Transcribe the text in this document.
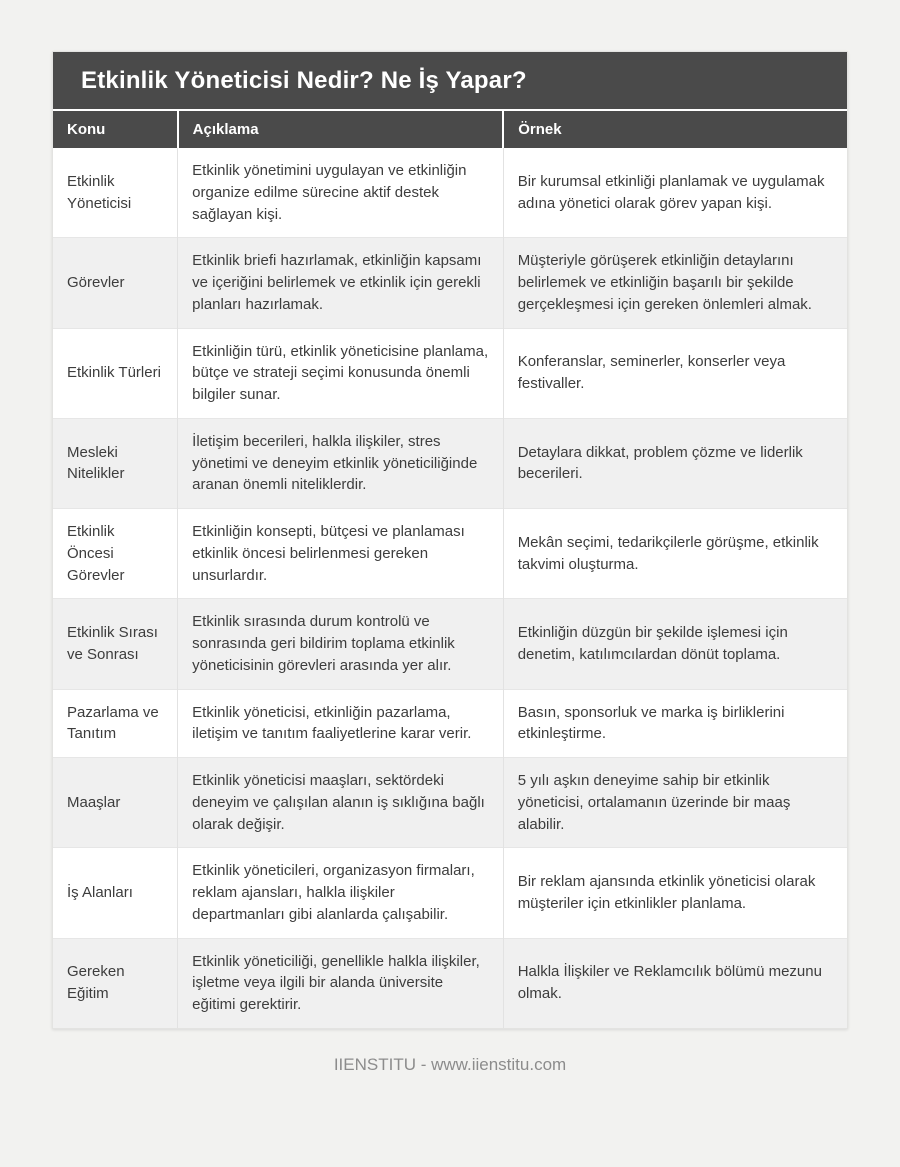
Etkinlik Yöneticisi Nedir? Ne İş Yapar?
Konu	Açıklama	Örnek
Etkinlik Yöneticisi	Etkinlik yönetimini uygulayan ve etkinliğin organize edilme sürecine aktif destek sağlayan kişi.	Bir kurumsal etkinliği planlamak ve uygulamak adına yönetici olarak görev yapan kişi.
Görevler	Etkinlik briefi hazırlamak, etkinliğin kapsamı ve içeriğini belirlemek ve etkinlik için gerekli planları hazırlamak.	Müşteriyle görüşerek etkinliğin detaylarını belirlemek ve etkinliğin başarılı bir şekilde gerçekleşmesi için gereken önlemleri almak.
Etkinlik Türleri	Etkinliğin türü, etkinlik yöneticisine planlama, bütçe ve strateji seçimi konusunda önemli bilgiler sunar.	Konferanslar, seminerler, konserler veya festivaller.
Mesleki Nitelikler	İletişim becerileri, halkla ilişkiler, stres yönetimi ve deneyim etkinlik yöneticiliğinde aranan önemli niteliklerdir.	Detaylara dikkat, problem çözme ve liderlik becerileri.
Etkinlik Öncesi Görevler	Etkinliğin konsepti, bütçesi ve planlaması etkinlik öncesi belirlenmesi gereken unsurlardır.	Mekân seçimi, tedarikçilerle görüşme, etkinlik takvimi oluşturma.
Etkinlik Sırası ve Sonrası	Etkinlik sırasında durum kontrolü ve sonrasında geri bildirim toplama etkinlik yöneticisinin görevleri arasında yer alır.	Etkinliğin düzgün bir şekilde işlemesi için denetim, katılımcılardan dönüt toplama.
Pazarlama ve Tanıtım	Etkinlik yöneticisi, etkinliğin pazarlama, iletişim ve tanıtım faaliyetlerine karar verir.	Basın, sponsorluk ve marka iş birliklerini etkinleştirme.
Maaşlar	Etkinlik yöneticisi maaşları, sektördeki deneyim ve çalışılan alanın iş sıklığına bağlı olarak değişir.	5 yılı aşkın deneyime sahip bir etkinlik yöneticisi, ortalamanın üzerinde bir maaş alabilir.
İş Alanları	Etkinlik yöneticileri, organizasyon firmaları, reklam ajansları, halkla ilişkiler departmanları gibi alanlarda çalışabilir.	Bir reklam ajansında etkinlik yöneticisi olarak müşteriler için etkinlikler planlama.
Gereken Eğitim	Etkinlik yöneticiliği, genellikle halkla ilişkiler, işletme veya ilgili bir alanda üniversite eğitimi gerektirir.	Halkla İlişkiler ve Reklamcılık bölümü mezunu olmak.
IIENSTITU - www.iienstitu.com
